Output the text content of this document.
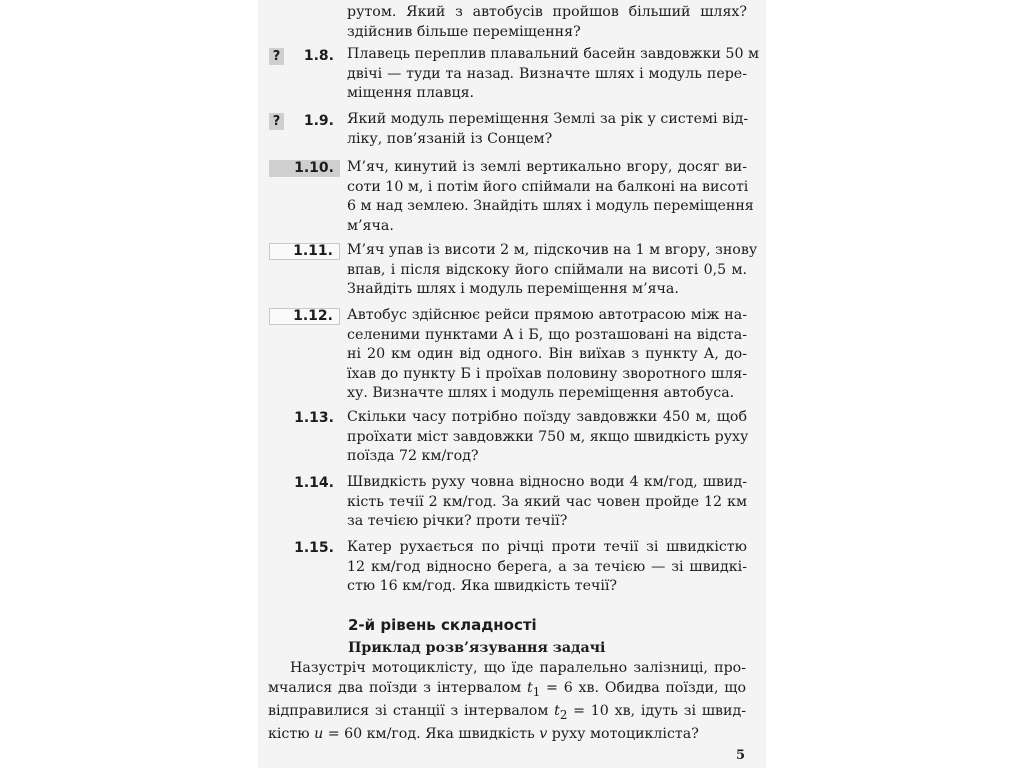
рутом. Який з автобусів пройшов більший шлях?
здійснив більше переміщення?
? 1.8. Плавець переплив плавальний басейн завдовжки 50 м
двічі — туди та назад. Визначте шлях і модуль пере-
міщення плавця.
? 1.9. Який модуль переміщення Землі за рік у системі від-
ліку, пов’язаній із Сонцем?
1.10. М’яч, кинутий із землі вертикально вгору, досяг ви-
соти 10 м, і потім його спіймали на балконі на висоті
6 м над землею. Знайдіть шлях і модуль переміщення
м’яча.
1.11. М’яч упав із висоти 2 м, підскочив на 1 м вгору, знову
впав, і після відскоку його спіймали на висоті 0,5 м.
Знайдіть шлях і модуль переміщення м’яча.
1.12. Автобус здійснює рейси прямою автотрасою між на-
селеними пунктами А і Б, що розташовані на відста-
ні 20 км один від одного. Він виїхав з пункту А, до-
їхав до пункту Б і проїхав половину зворотного шля-
ху. Визначте шлях і модуль переміщення автобуса.
1.13. Скільки часу потрібно поїзду завдовжки 450 м, щоб
проїхати міст завдовжки 750 м, якщо швидкість руху
поїзда 72 км/год?
1.14. Швидкість руху човна відносно води 4 км/год, швид-
кість течії 2 км/год. За який час човен пройде 12 км
за течією річки? проти течії?
1.15. Катер рухається по річці проти течії зі швидкістю
12 км/год відносно берега, а за течією — зі швидкі-
стю 16 км/год. Яка швидкість течії?
2-й рівень складності
Приклад розв’язування задачі
Назустріч мотоциклісту, що їде паралельно залізниці, про-
мчалися два поїзди з інтервалом $t_1 = 6$ хв. Обидва поїзди, що
відправилися зі станції з інтервалом $t_2 = 10$ хв, ідуть зі швид-
кістю u = 60 км/год. Яка швидкість v руху мотоцикліста?
5
